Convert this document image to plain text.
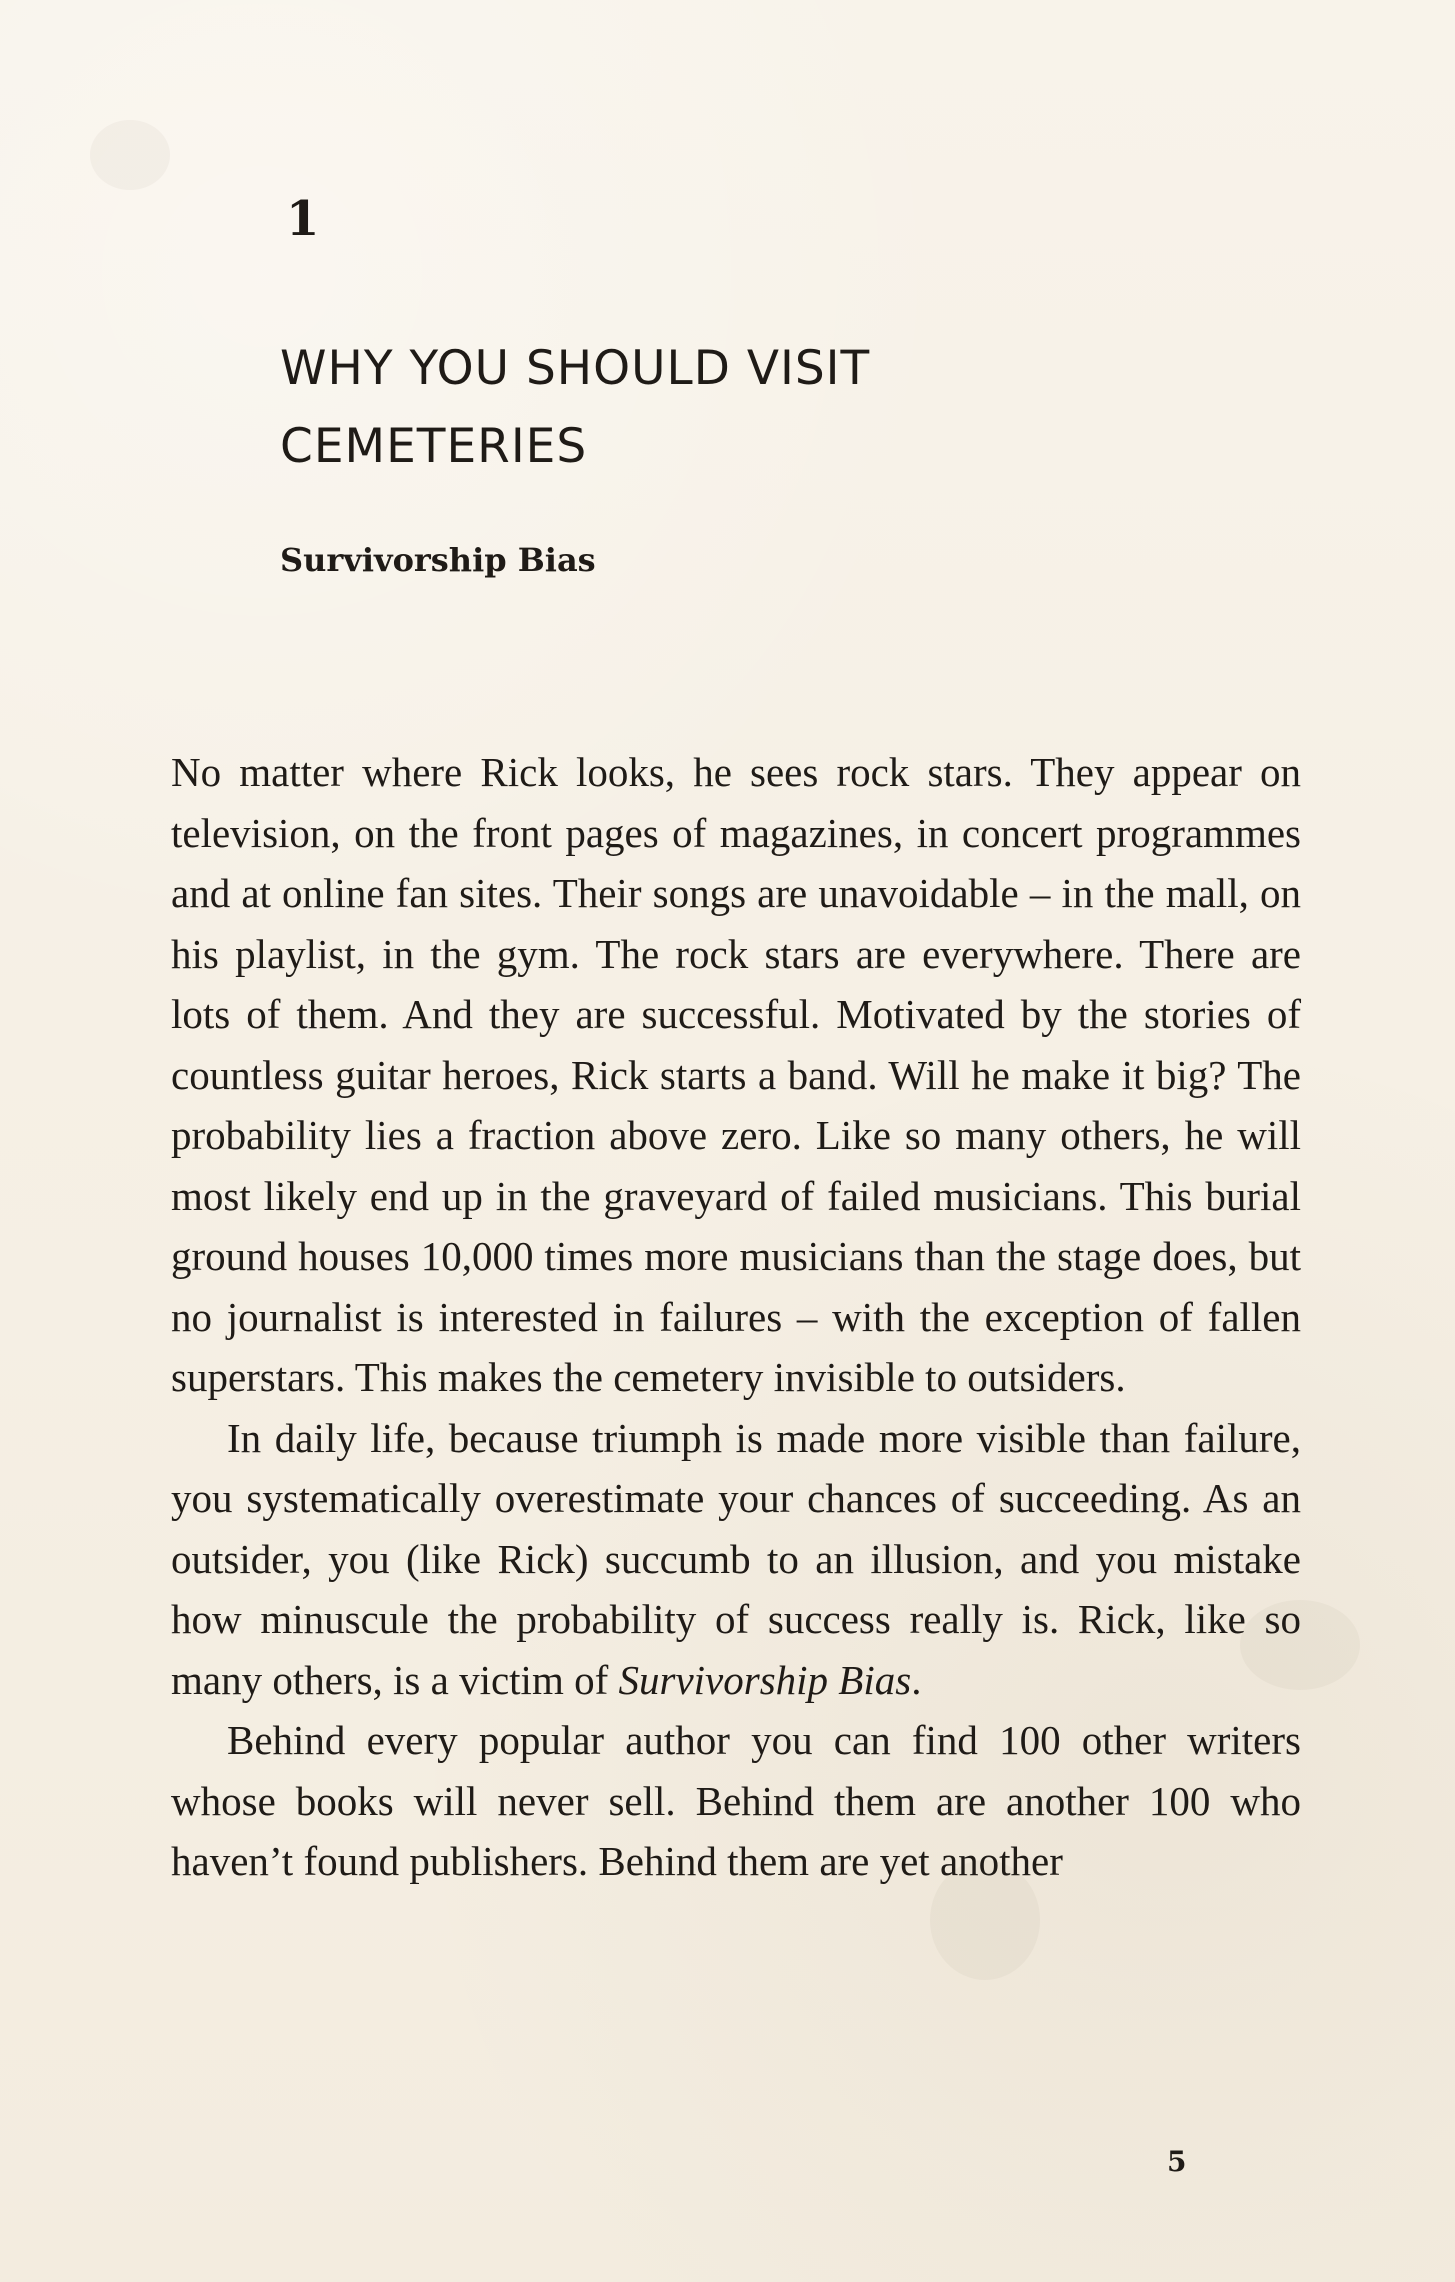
1
WHY YOU SHOULD VISIT CEMETERIES
Survivorship Bias

No matter where Rick looks, he sees rock stars. They appear on television, on the front pages of magazines, in concert programmes and at online fan sites. Their songs are unavoidable – in the mall, on his playlist, in the gym. The rock stars are everywhere. There are lots of them. And they are successful. Motivated by the stories of countless guitar heroes, Rick starts a band. Will he make it big? The probability lies a fraction above zero. Like so many others, he will most likely end up in the graveyard of failed musicians. This burial ground houses 10,000 times more musicians than the stage does, but no journalist is interested in failures – with the exception of fallen superstars. This makes the cemetery invisible to outsiders.

In daily life, because triumph is made more visible than failure, you systematically overestimate your chances of succeeding. As an outsider, you (like Rick) succumb to an illusion, and you mistake how minuscule the probability of success really is. Rick, like so many others, is a victim of Survivorship Bias.

Behind every popular author you can find 100 other writers whose books will never sell. Behind them are another 100 who haven’t found publishers. Behind them are yet another

5
